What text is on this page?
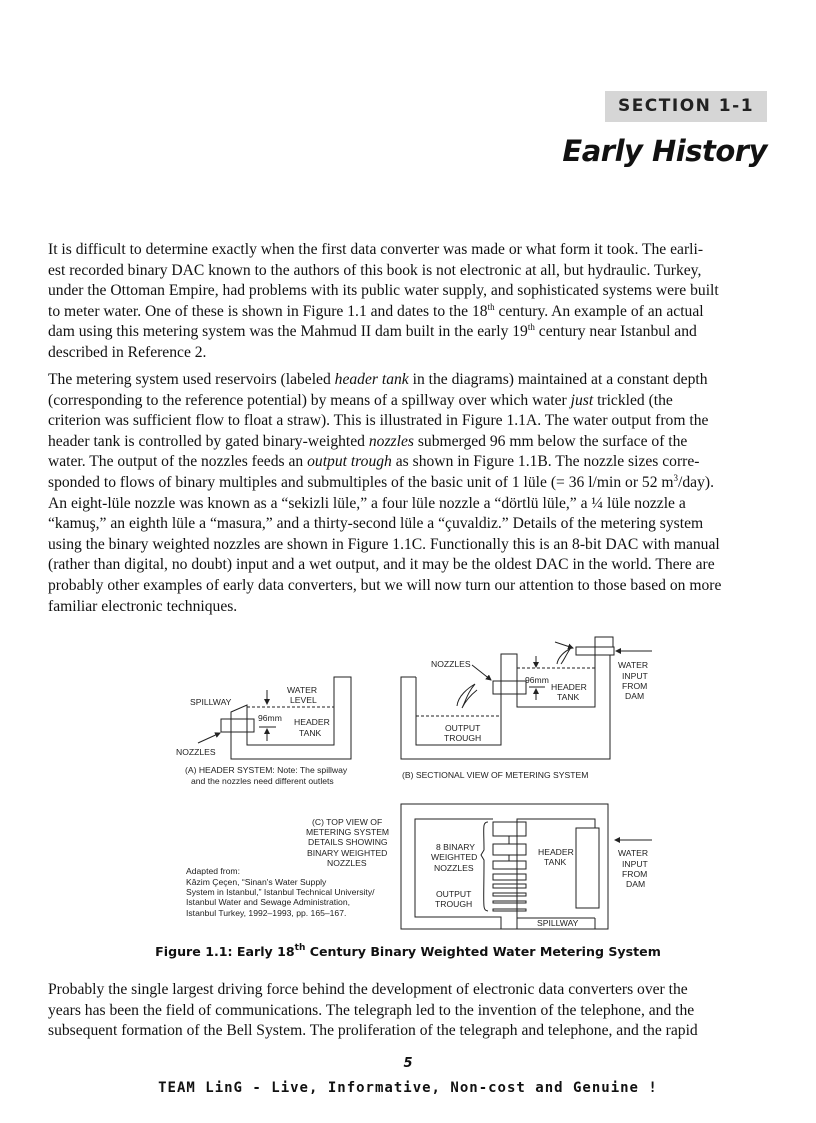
SECTION 1-1
Early History
It is difficult to determine exactly when the first data converter was made or what form it took. The earli-
est recorded binary DAC known to the authors of this book is not electronic at all, but hydraulic. Turkey,
under the Ottoman Empire, had problems with its public water supply, and sophisticated systems were built
to meter water. One of these is shown in Figure 1.1 and dates to the 18th century. An example of an actual
dam using this metering system was the Mahmud II dam built in the early 19th century near Istanbul and
described in Reference 2.
The metering system used reservoirs (labeled header tank in the diagrams) maintained at a constant depth
(corresponding to the reference potential) by means of a spillway over which water just trickled (the
criterion was sufficient flow to float a straw). This is illustrated in Figure 1.1A. The water output from the
header tank is controlled by gated binary-weighted nozzles submerged 96 mm below the surface of the
water. The output of the nozzles feeds an output trough as shown in Figure 1.1B. The nozzle sizes corre-
sponded to flows of binary multiples and submultiples of the basic unit of 1 lüle (= 36 l/min or 52 $m^3/day$).
An eight-lüle nozzle was known as a “sekizli lüle,” a four lüle nozzle a “dörtlü lüle,” a ¼ lüle nozzle a
“kamuş,” an eighth lüle a “masura,” and a thirty-second lüle a “çuvaldiz.” Details of the metering system
using the binary weighted nozzles are shown in Figure 1.1C. Functionally this is an 8-bit DAC with manual
(rather than digital, no doubt) input and a wet output, and it may be the oldest DAC in the world. There are
probably other examples of early data converters, but we will now turn our attention to those based on more
familiar electronic techniques.
Probably the single largest driving force behind the development of electronic data converters over the
years has been the field of communications. The telegraph led to the invention of the telephone, and the
subsequent formation of the Bell System. The proliferation of the telegraph and telephone, and the rapid
WATER
LEVEL
SPILLWAY
96mm HEADER
TANK
NOZZLES
(A) HEADER SYSTEM: Note: The spillway
and the nozzles need different outlets
NOZZLES
96mm
HEADER
TANK
OUTPUT
TROUGH
WATER
INPUT
FROM
DAM
(B) SECTIONAL VIEW OF METERING SYSTEM
(C) TOP VIEW OF
METERING SYSTEM
DETAILS SHOWING
BINARY WEIGHTED
NOZZLES
8 BINARY
WEIGHTED
NOZZLES
OUTPUT
TROUGH
HEADER
TANK
WATER
INPUT
FROM
DAM
SPILLWAY
Adapted from:
Kâzim Çeçen, “Sinan's Water Supply
System in Istanbul,” Istanbul Technical University/
Istanbul Water and Sewage Administration,
Istanbul Turkey, 1992–1993, pp. 165–167.
Figure 1.1: Early 18th Century Binary Weighted Water Metering System
5
TEAM LinG - Live, Informative, Non-cost and Genuine !
